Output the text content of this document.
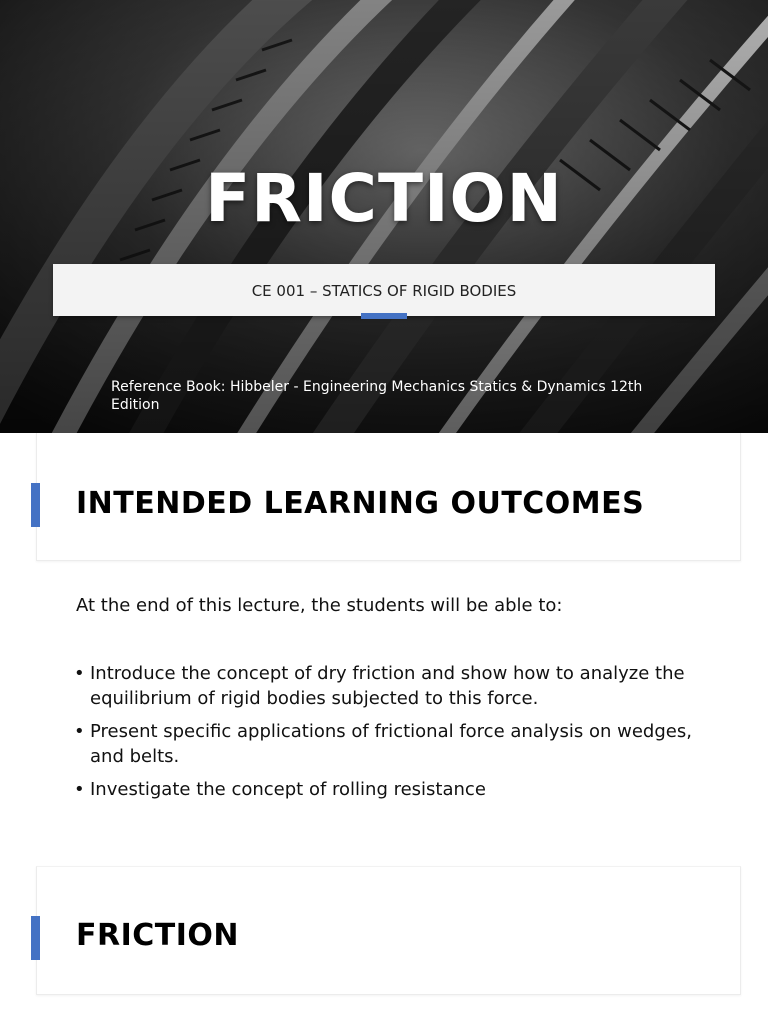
FRICTION
CE 001 – STATICS OF RIGID BODIES
Reference Book: Hibbeler - Engineering Mechanics Statics & Dynamics 12th Edition
INTENDED LEARNING OUTCOMES
At the end of this lecture, the students will be able to:
• Introduce the concept of dry friction and show how to analyze the equilibrium of rigid bodies subjected to this force.
• Present specific applications of frictional force analysis on wedges, and belts.
• Investigate the concept of rolling resistance
FRICTION
